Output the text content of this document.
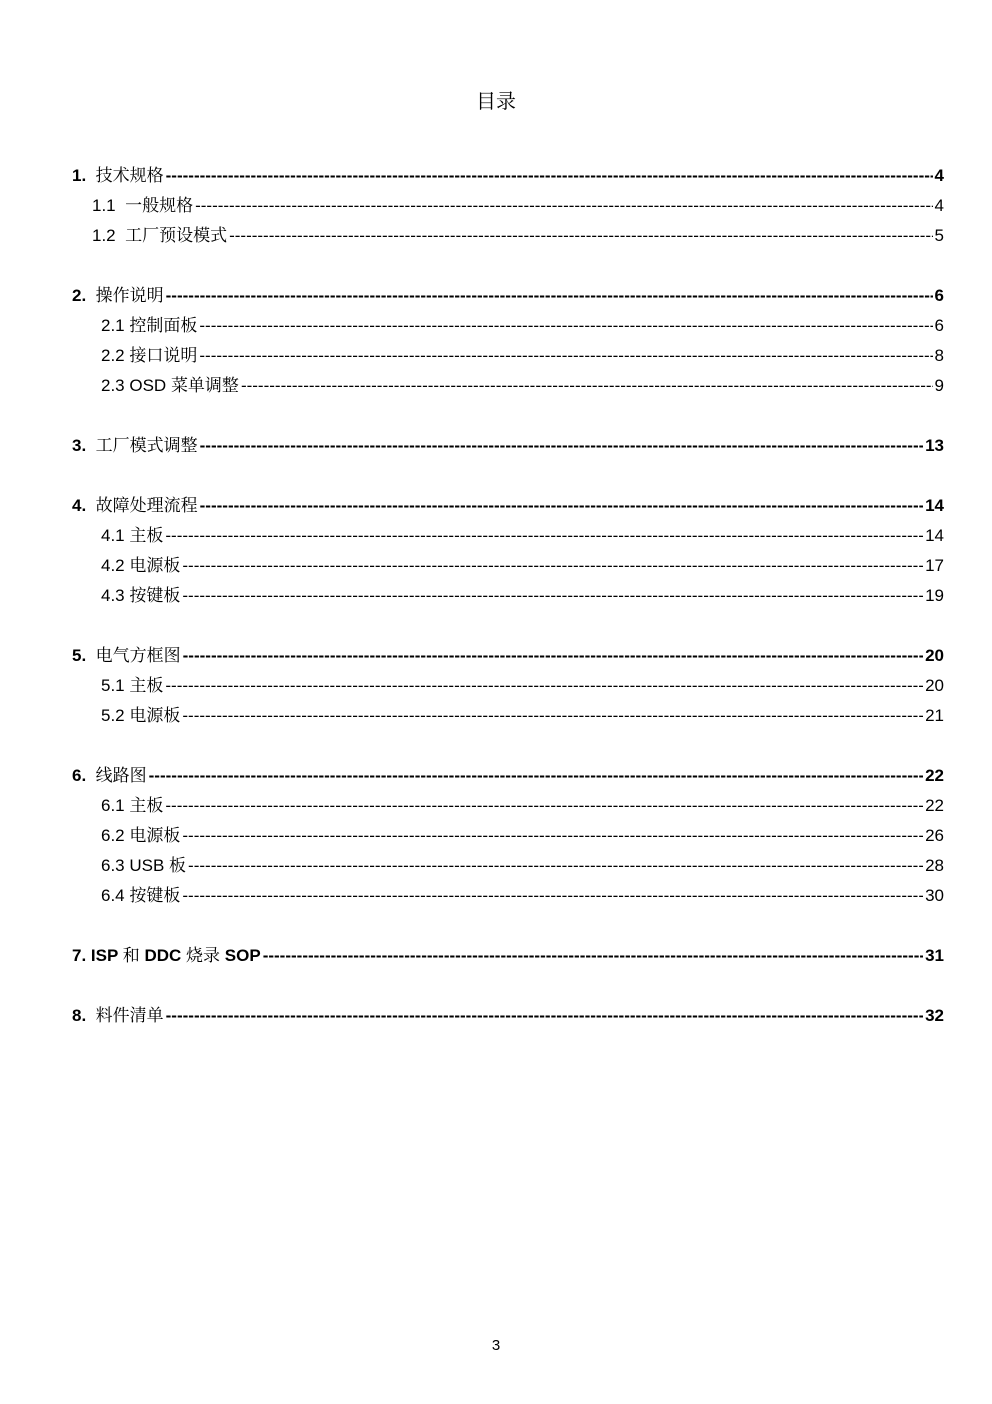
目录
1. 技术规格 -----	4
1.1 一般规格 -----	4
1.2 工厂预设模式 -----	5
2. 操作说明 -----	6
2.1 控制面板 -----	6
2.2 接口说明 -----	8
2.3 OSD 菜单调整 -----	9
3. 工厂模式调整 -----	13
4. 故障处理流程 -----	14
4.1 主板 -----	14
4.2 电源板 -----	17
4.3 按键板 -----	19
5. 电气方框图 -----	20
5.1 主板 -----	20
5.2 电源板 -----	21
6. 线路图 -----	22
6.1 主板 -----	22
6.2 电源板 -----	26
6.3 USB 板 -----	28
6.4 按键板 -----	30
7. ISP 和 DDC 烧录 SOP -----	31
8. 料件清单 -----	32
3
